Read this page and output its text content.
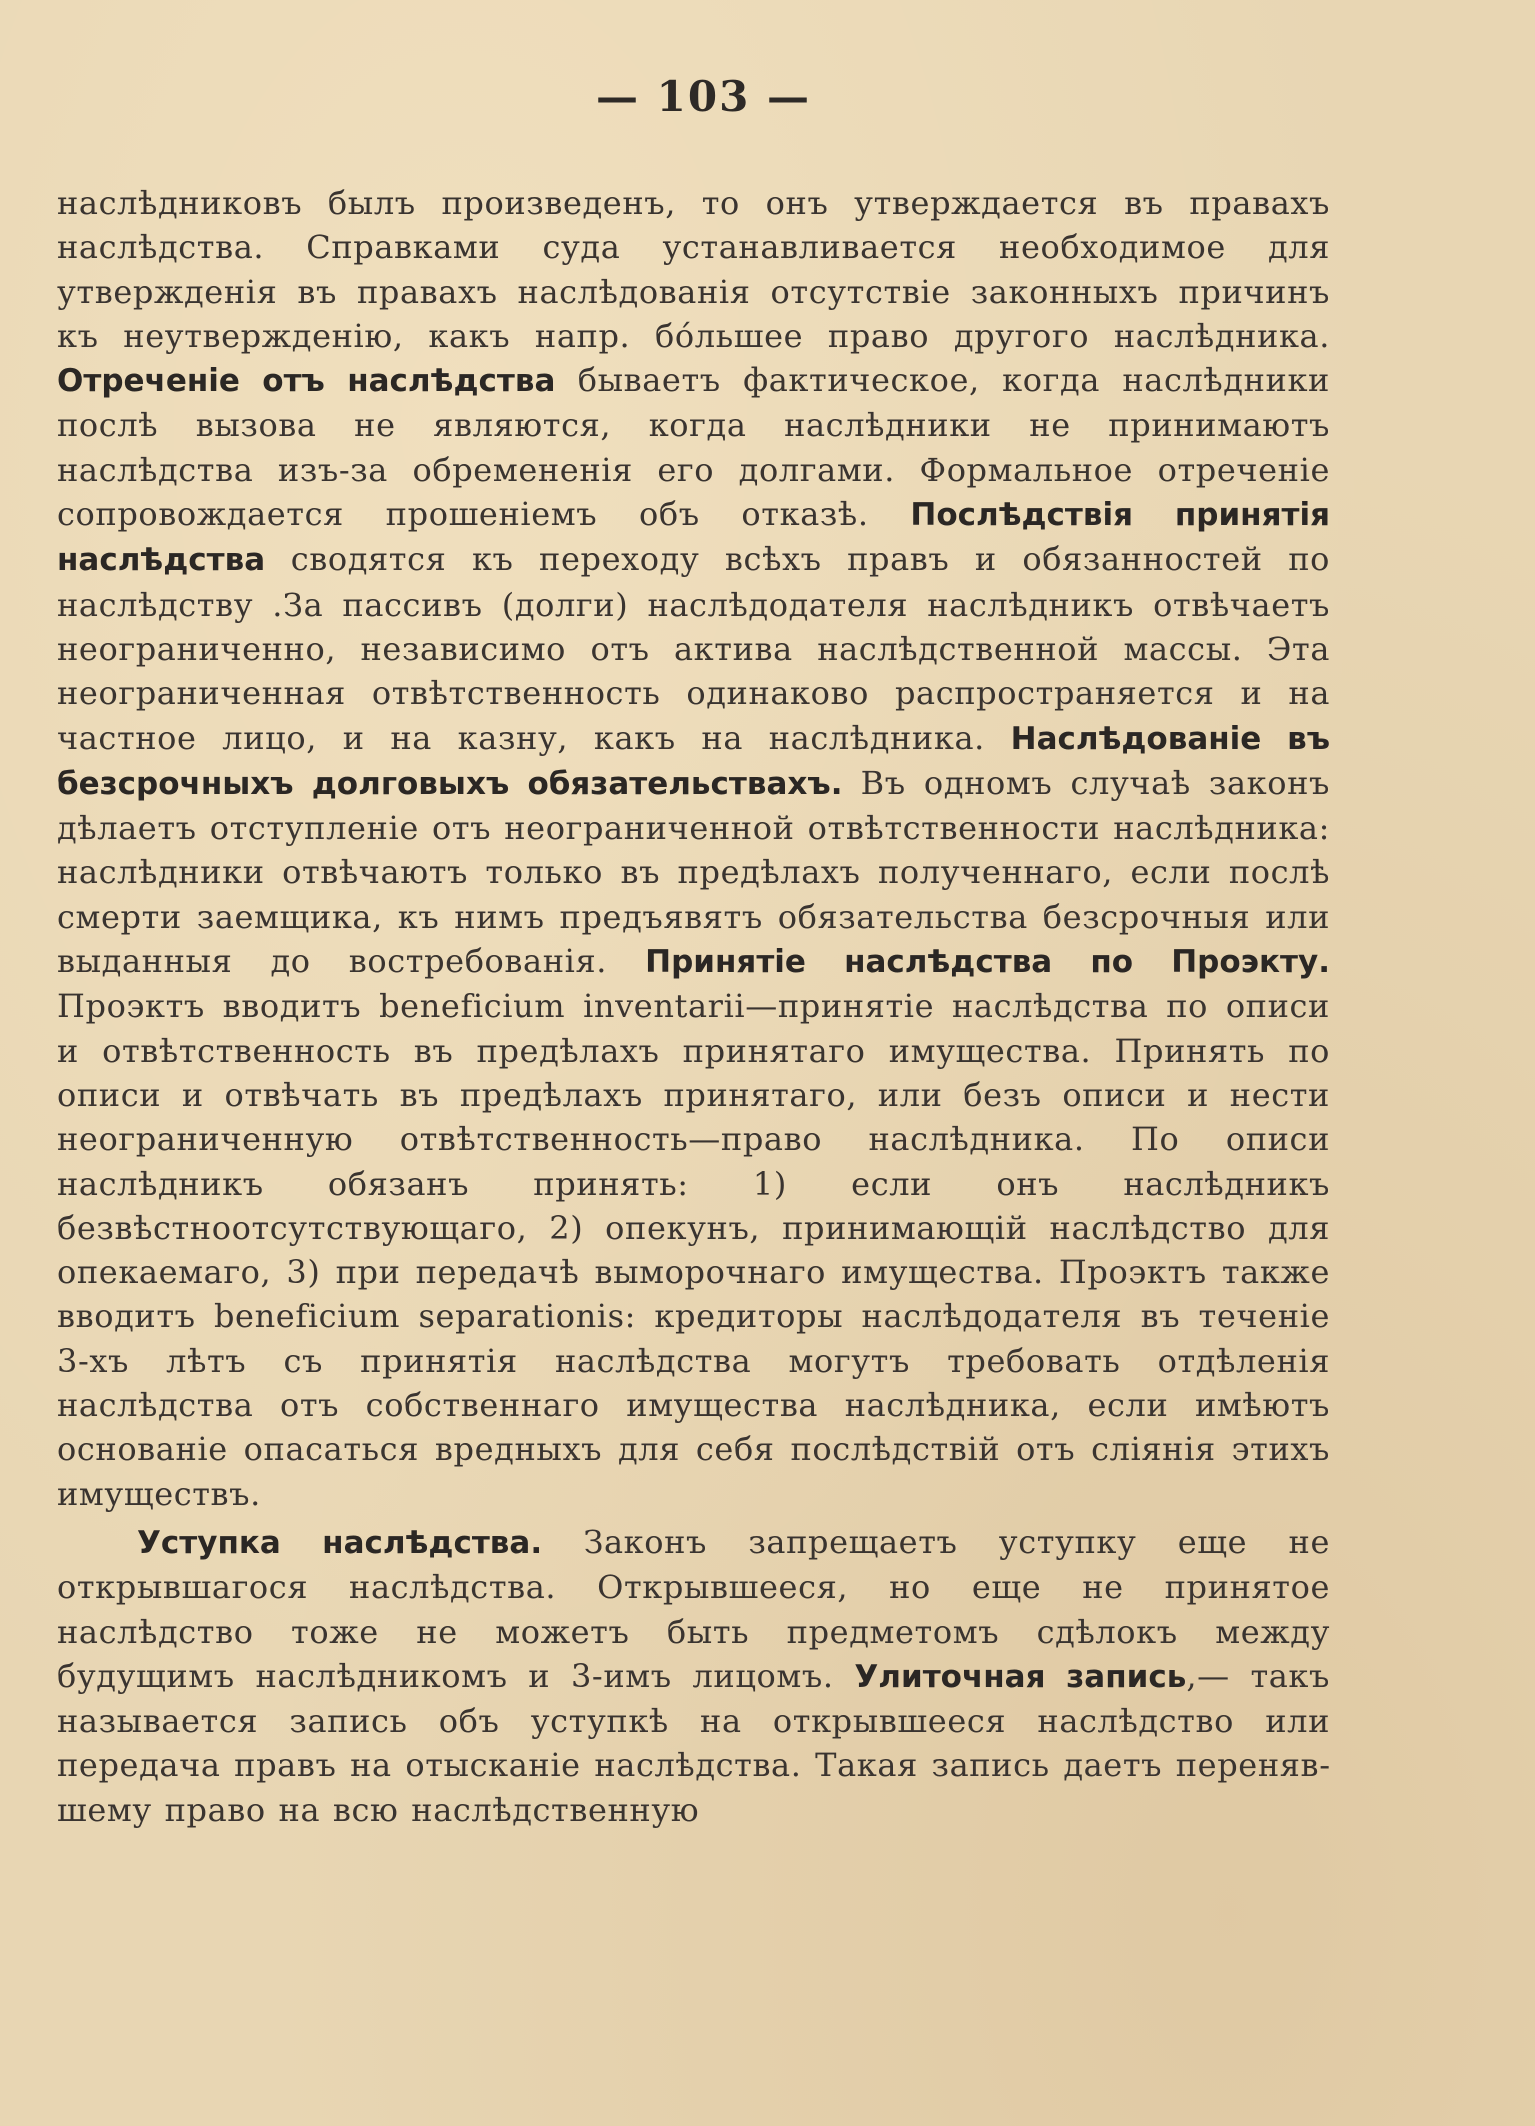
— 103 —

наслѣдниковъ былъ произведенъ, то онъ утверждается въ правахъ наслѣдства. Справками суда устанавливается необходимое для утвержденія въ правахъ наслѣдованія отсутствіе законныхъ причинъ къ неутвержденію, какъ напр. бо́льшее право другого наслѣдника. Отреченіе отъ наслѣдства бываетъ фактическое, когда наслѣдники послѣ вызова не являются, когда наслѣдники не принимаютъ наслѣдства изъ-за обремененія его долгами. Формальное отреченіе сопровождается прошеніемъ объ отказѣ. Послѣдствія принятія наслѣдства сводятся къ переходу всѣхъ правъ и обязанностей по наслѣдству .За пассивъ (долги) наслѣдодателя наслѣдникъ отвѣчаетъ неограниченно, независимо отъ актива наслѣдственной массы. Эта неограниченная отвѣтственность одинаково распространяется и на частное лицо, и на казну, какъ на наслѣдника. Наслѣдованіе въ безсрочныхъ долговыхъ обязательствахъ. Въ одномъ случаѣ законъ дѣлаетъ отступленіе отъ неограниченной отвѣтственности наслѣдника: наслѣдники отвѣчаютъ только въ предѣлахъ полученнаго, если послѣ смерти заемщика, къ нимъ предъявятъ обязательства безсрочныя или выданныя до востребованія. Принятіе наслѣдства по Проэкту. Проэктъ вводитъ beneficium inventarii—принятіе наслѣдства по описи и отвѣтственность въ предѣлахъ принятаго имущества. Принять по описи и отвѣчать въ предѣлахъ принятаго, или безъ описи и нести неограниченную отвѣтственность—право наслѣдника. По описи наслѣдникъ обязанъ принять: 1) если онъ наслѣдникъ безвѣстноотсутствующаго, 2) опекунъ, принимающій наслѣдство для опекаемаго, 3) при передачѣ выморочнаго имущества. Проэктъ также вводитъ beneficium separationis: кредиторы наслѣдодателя въ теченіе 3-хъ лѣтъ съ принятія наслѣдства могутъ требовать отдѣленія наслѣдства отъ собственнаго имущества наслѣдника, если имѣютъ основаніе опасаться вредныхъ для себя послѣдствій отъ сліянія этихъ имуществъ.

Уступка наслѣдства. Законъ запрещаетъ уступку еще не открывшагося наслѣдства. Открывшееся, но еще не принятое наслѣдство тоже не можетъ быть предметомъ сдѣлокъ между будущимъ наслѣдникомъ и 3-имъ лицомъ. Улиточная запись,— такъ называется запись объ уступкѣ на открывшееся наслѣдство или передача правъ на отысканіе наслѣдства. Такая запись даетъ перенявшему право на всю наслѣдственную
